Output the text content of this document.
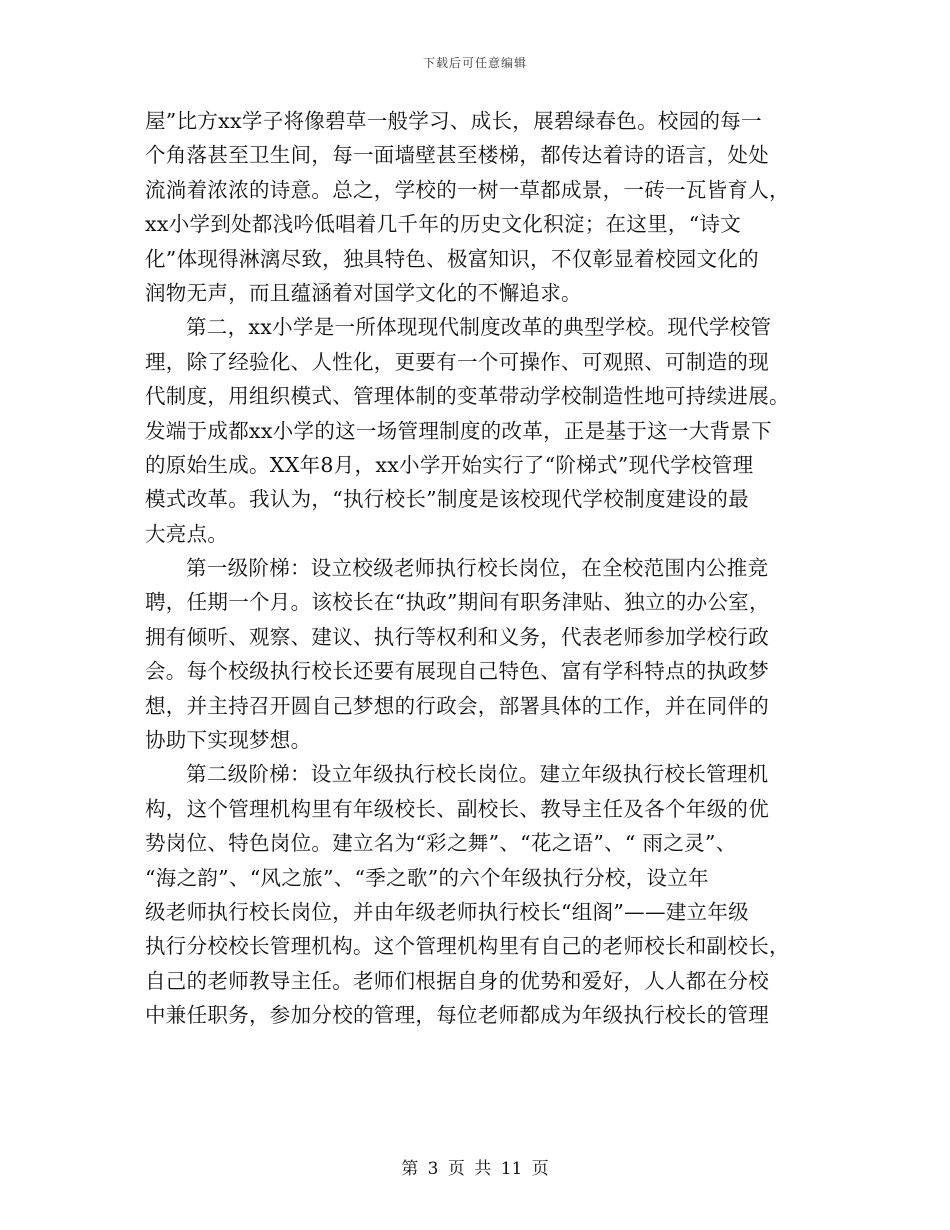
下载后可任意编辑
屋”比方xx学子将像碧草一般学习、成长，展碧绿春色。校园的每一
个角落甚至卫生间，每一面墙壁甚至楼梯，都传达着诗的语言，处处
流淌着浓浓的诗意。总之，学校的一树一草都成景，一砖一瓦皆育人，
xx小学到处都浅吟低唱着几千年的历史文化积淀；在这里，“诗文
化”体现得淋漓尽致，独具特色、极富知识，不仅彰显着校园文化的
润物无声，而且蕴涵着对国学文化的不懈追求。
第二，xx小学是一所体现现代制度改革的典型学校。现代学校管
理，除了经验化、人性化，更要有一个可操作、可观照、可制造的现
代制度，用组织模式、管理体制的变革带动学校制造性地可持续进展。
发端于成都xx小学的这一场管理制度的改革，正是基于这一大背景下
的原始生成。XX年8月，xx小学开始实行了“阶梯式”现代学校管理
模式改革。我认为，“执行校长”制度是该校现代学校制度建设的最
大亮点。
第一级阶梯：设立校级老师执行校长岗位，在全校范围内公推竞
聘，任期一个月。该校长在“执政”期间有职务津贴、独立的办公室，
拥有倾听、观察、建议、执行等权利和义务，代表老师参加学校行政
会。每个校级执行校长还要有展现自己特色、富有学科特点的执政梦
想，并主持召开圆自己梦想的行政会，部署具体的工作，并在同伴的
协助下实现梦想。
第二级阶梯：设立年级执行校长岗位。建立年级执行校长管理机
构，这个管理机构里有年级校长、副校长、教导主任及各个年级的优
势岗位、特色岗位。建立名为“彩之舞”、“花之语”、“ 雨之灵”、
“海之韵”、“风之旅”、“季之歌”的六个年级执行分校，设立年
级老师执行校长岗位，并由年级老师执行校长“组阁”——建立年级
执行分校校长管理机构。这个管理机构里有自己的老师校长和副校长，
自己的老师教导主任。老师们根据自身的优势和爱好，人人都在分校
中兼任职务，参加分校的管理，每位老师都成为年级执行校长的管理
第 3 页 共 11 页
